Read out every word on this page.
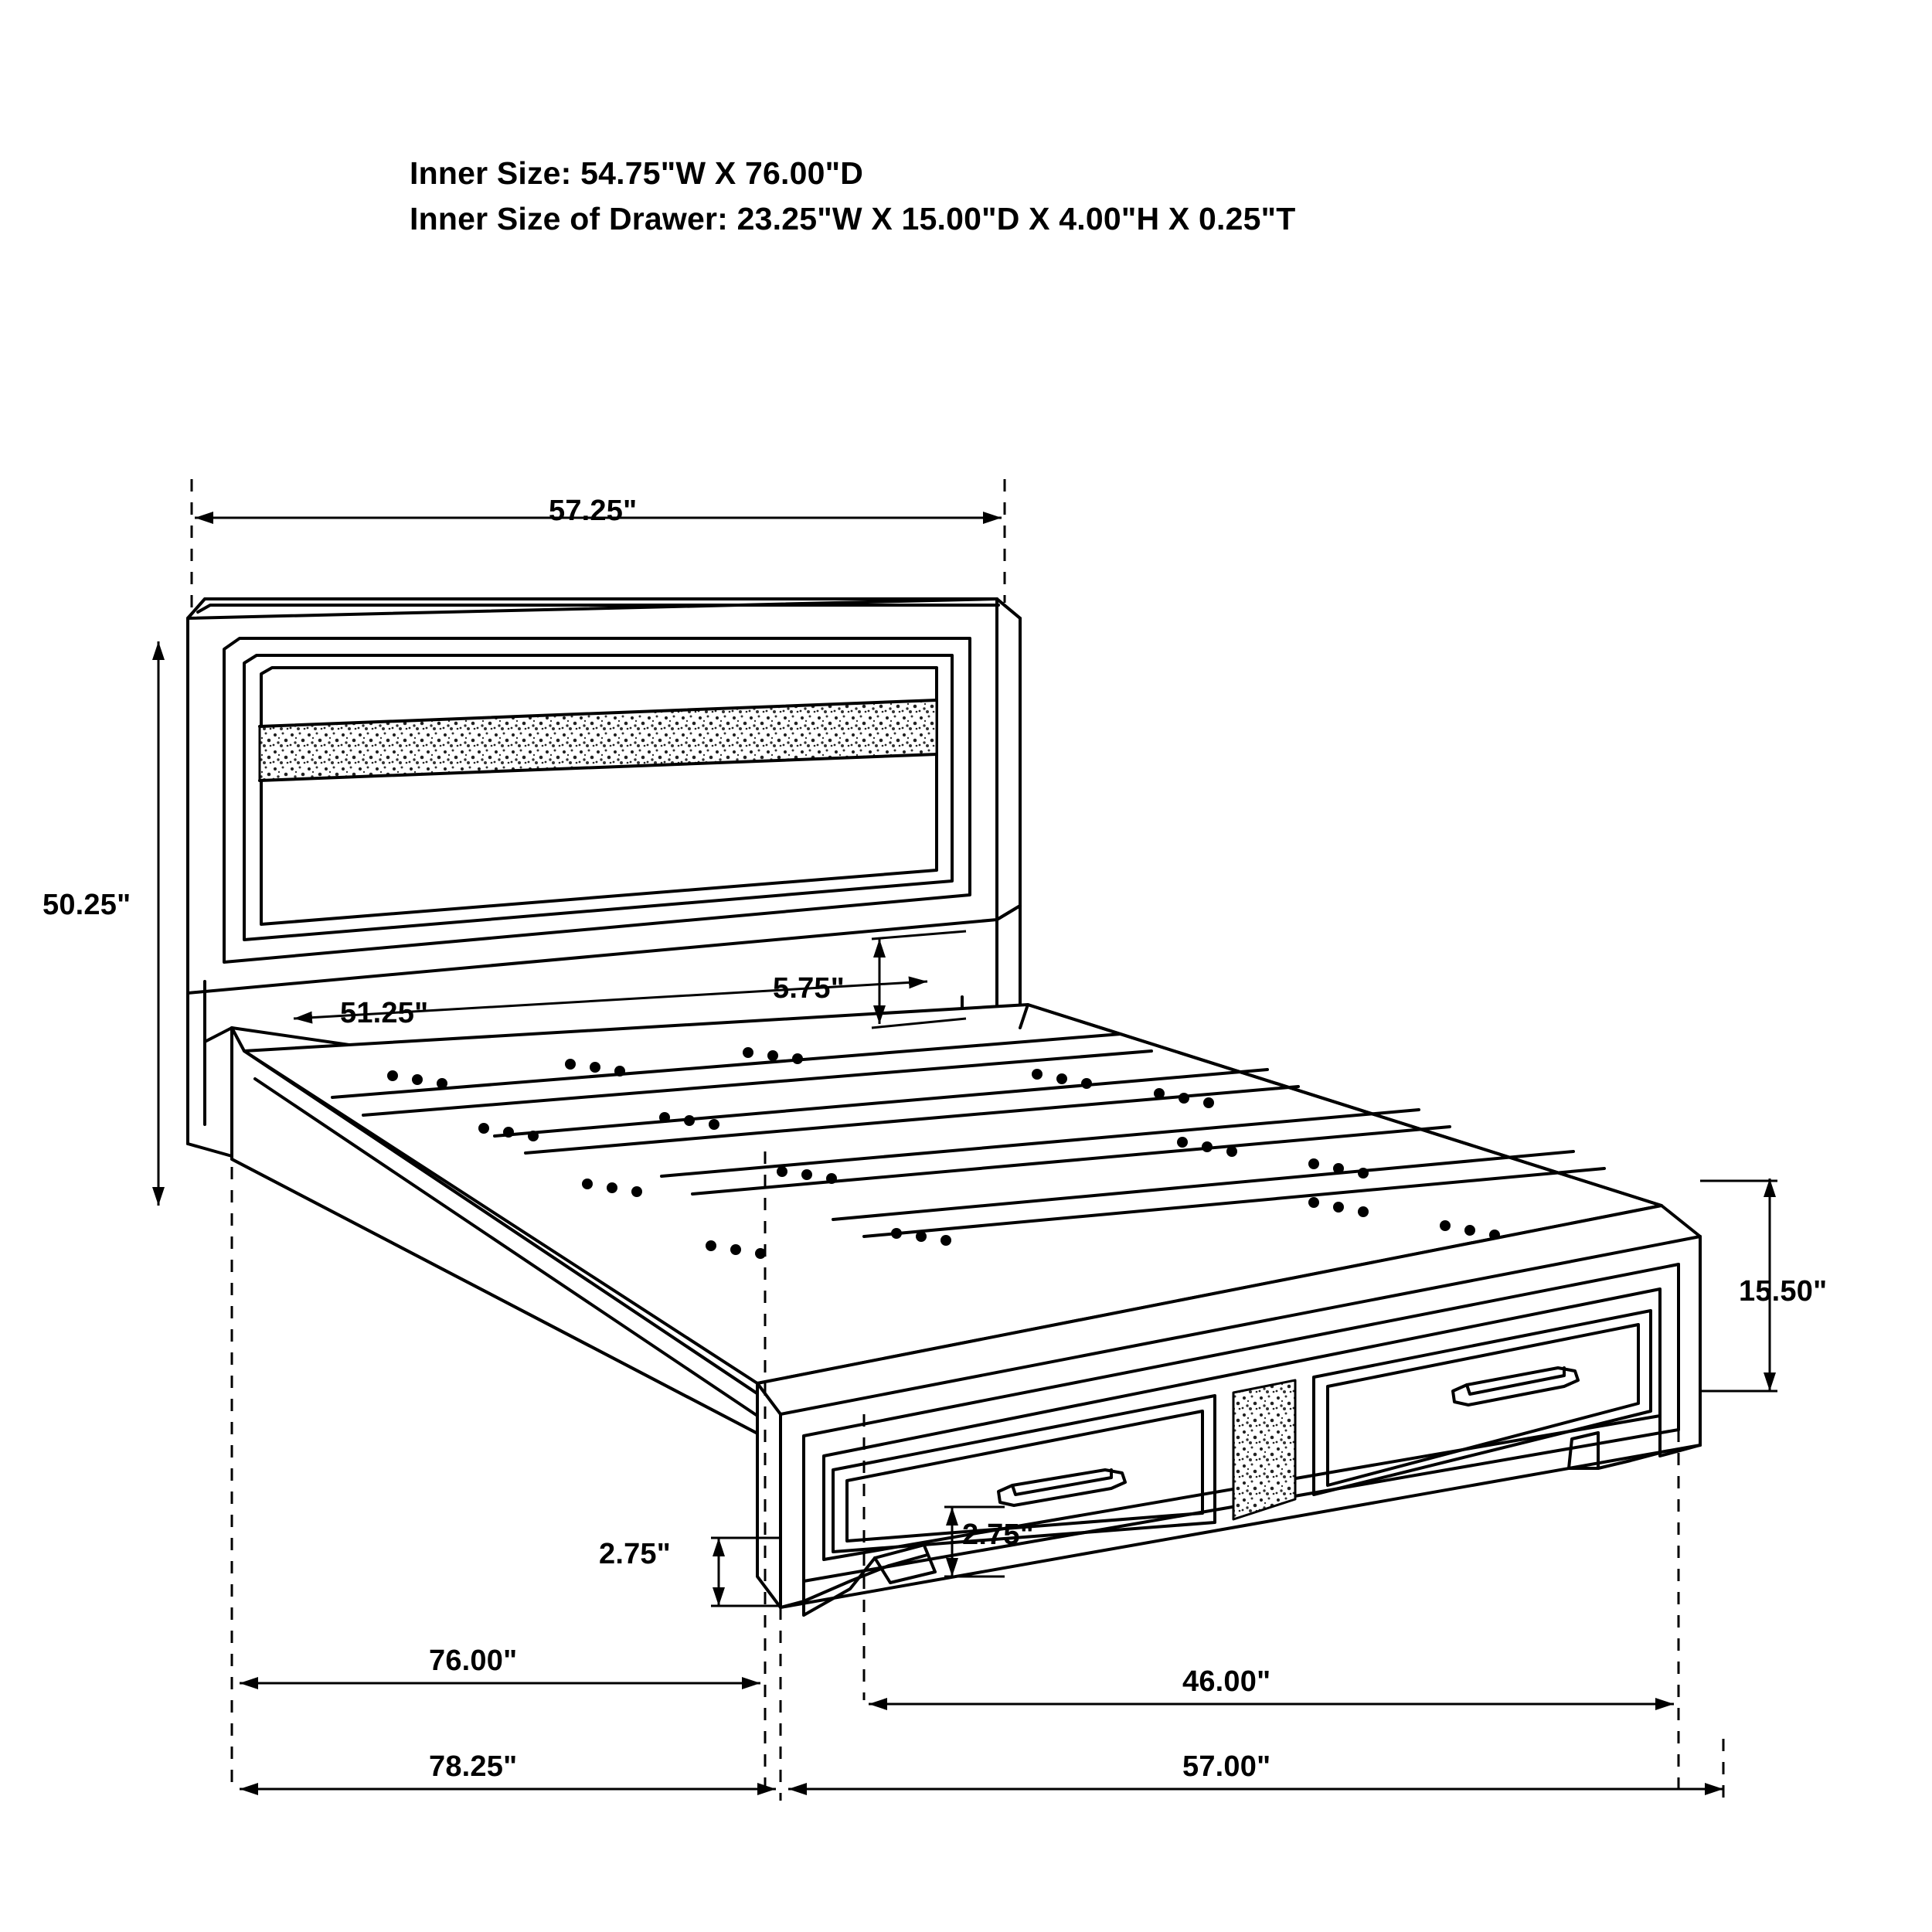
Inner Size: 54.75"W X 76.00"D
Inner Size of Drawer: 23.25"W X 15.00"D X 4.00"H X 0.25"T
57.25"
50.25"
51.25"
5.75"
15.50"
2.75"
2.75"
76.00"
46.00"
78.25"	57.00"
